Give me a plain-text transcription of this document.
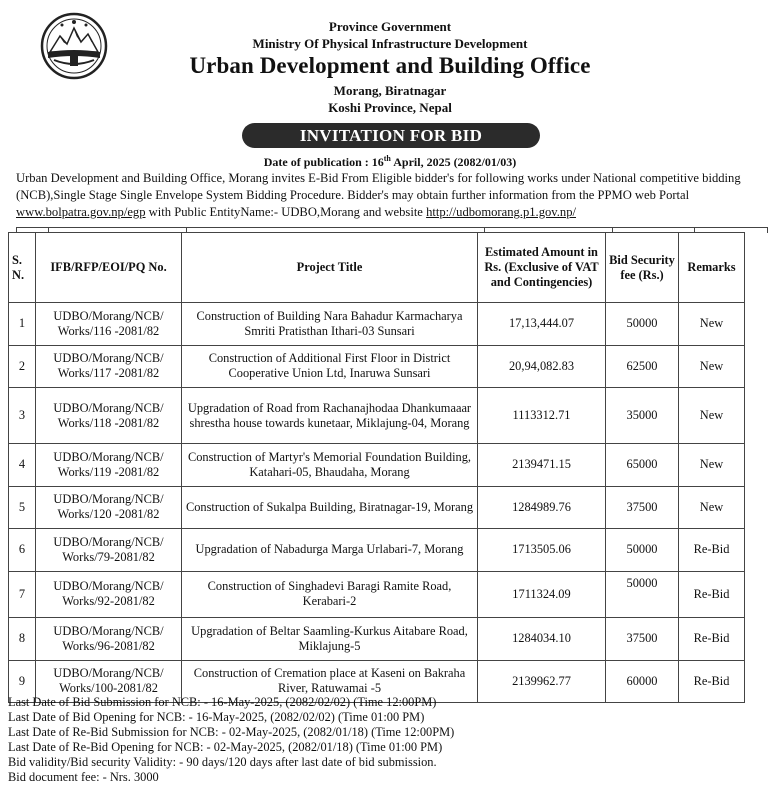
Province Government
Ministry Of Physical Infrastructure Development
Urban Development and Building Office
Morang, Biratnagar
Koshi Province, Nepal
INVITATION FOR BID
Date of publication : 16th April, 2025 (2082/01/03)
Urban Development and Building Office, Morang invites E-Bid From Eligible bidder's for following works under National competitive bidding (NCB),Single Stage Single Envelope System Bidding Procedure. Bidder's may obtain further information from the PPMO web Portal www.bolpatra.gov.np/egp with Public EntityName:- UDBO,Morang and website http://udbomorang.p1.gov.np/
S. N.	IFB/RFP/EOI/PQ No.	Project Title	Estimated Amount in Rs. (Exclusive of VAT and Contingencies)	Bid Security fee (Rs.)	Remarks
1	UDBO/Morang/NCB/ Works/116 -2081/82	Construction of Building Nara Bahadur Karmacharya Smriti Pratisthan Ithari-03 Sunsari	17,13,444.07	50000	New
2	UDBO/Morang/NCB/ Works/117 -2081/82	Construction of Additional First Floor in District Cooperative Union Ltd, Inaruwa Sunsari	20,94,082.83	62500	New
3	UDBO/Morang/NCB/ Works/118 -2081/82	Upgradation of Road from Rachanajhodaa Dhankumaaar shrestha house towards kunetaar, Miklajung-04, Morang	1113312.71	35000	New
4	UDBO/Morang/NCB/ Works/119 -2081/82	Construction of Martyr's Memorial Foundation Building, Katahari-05, Bhaudaha, Morang	2139471.15	65000	New
5	UDBO/Morang/NCB/ Works/120 -2081/82	Construction of Sukalpa Building, Biratnagar-19, Morang	1284989.76	37500	New
6	UDBO/Morang/NCB/ Works/79-2081/82	Upgradation of Nabadurga Marga Urlabari-7, Morang	1713505.06	50000	Re-Bid
7	UDBO/Morang/NCB/ Works/92-2081/82	Construction of Singhadevi Baragi Ramite Road, Kerabari-2	1711324.09	50000	Re-Bid
8	UDBO/Morang/NCB/ Works/96-2081/82	Upgradation of Beltar Saamling-Kurkus Aitabare Road, Miklajung-5	1284034.10	37500	Re-Bid
9	UDBO/Morang/NCB/ Works/100-2081/82	Construction of Cremation place at Kaseni on Bakraha River, Ratuwamai -5	2139962.77	60000	Re-Bid
Last Date of Bid Submission for NCB: - 16-May-2025, (2082/02/02) (Time 12:00PM)
Last Date of Bid Opening for NCB: - 16-May-2025, (2082/02/02) (Time 01:00 PM)
Last Date of Re-Bid Submission for NCB: - 02-May-2025, (2082/01/18) (Time 12:00PM)
Last Date of Re-Bid Opening for NCB: - 02-May-2025, (2082/01/18) (Time 01:00 PM)
Bid validity/Bid security Validity: - 90 days/120 days after last date of bid submission.
Bid document fee: - Nrs. 3000
